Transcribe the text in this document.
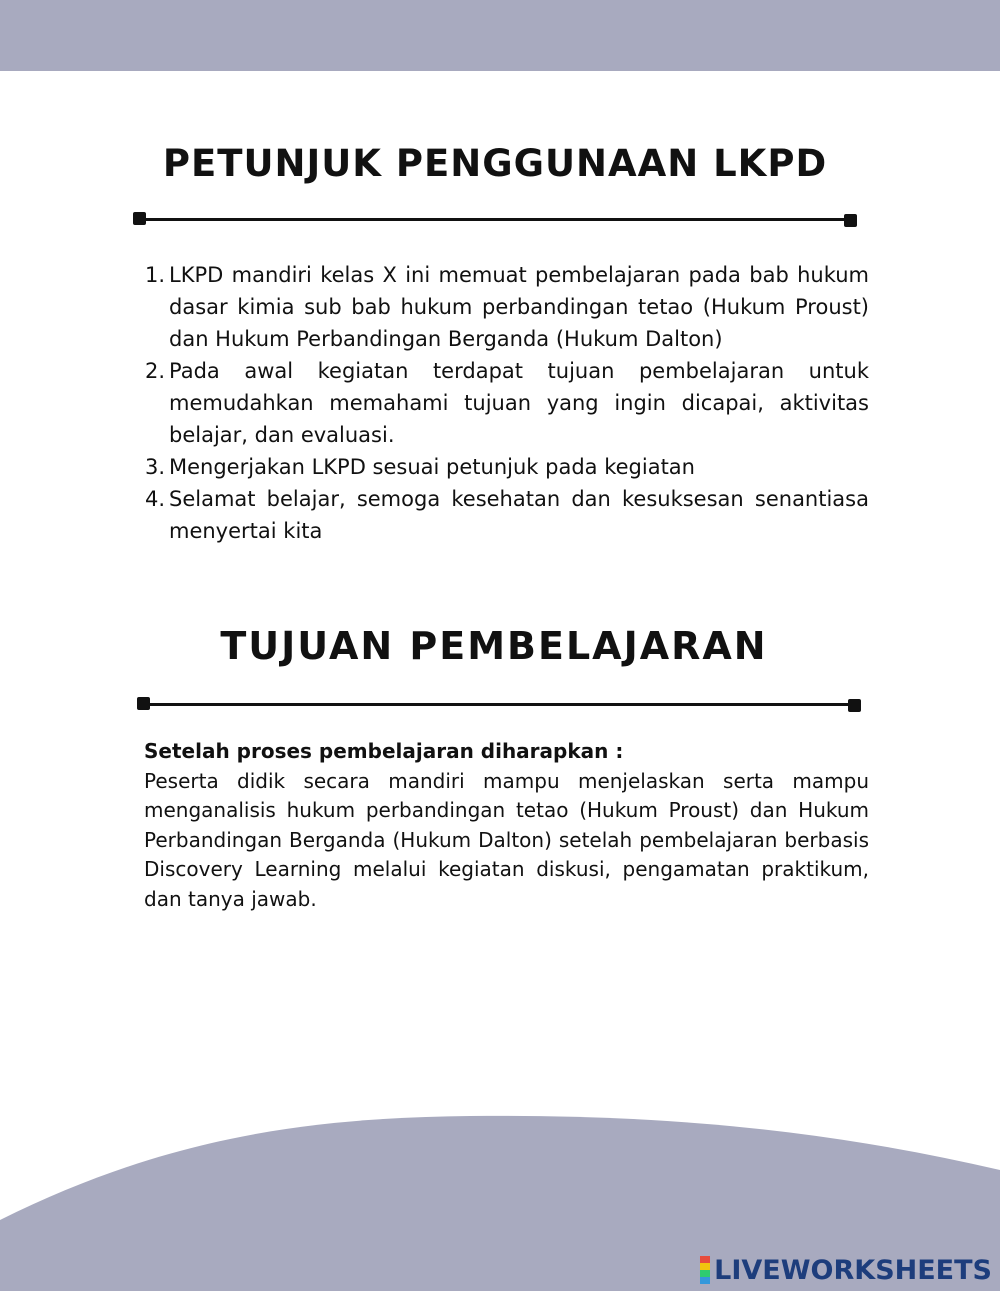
PETUNJUK PENGGUNAAN LKPD
1. LKPD mandiri kelas X ini memuat pembelajaran pada bab hukum dasar kimia sub bab hukum perbandingan tetao (Hukum Proust) dan Hukum Perbandingan Berganda (Hukum Dalton)
2. Pada awal kegiatan terdapat tujuan pembelajaran untuk memudahkan memahami tujuan yang ingin dicapai, aktivitas belajar, dan evaluasi.
3. Mengerjakan LKPD sesuai petunjuk pada kegiatan
4. Selamat belajar, semoga kesehatan dan kesuksesan senantiasa menyertai kita
TUJUAN PEMBELAJARAN
Setelah proses pembelajaran diharapkan :
Peserta didik secara mandiri mampu menjelaskan serta mampu menganalisis hukum perbandingan tetao (Hukum Proust) dan Hukum Perbandingan Berganda (Hukum Dalton) setelah pembelajaran berbasis Discovery Learning melalui kegiatan diskusi, pengamatan praktikum, dan tanya jawab.
LIVEWORKSHEETS
